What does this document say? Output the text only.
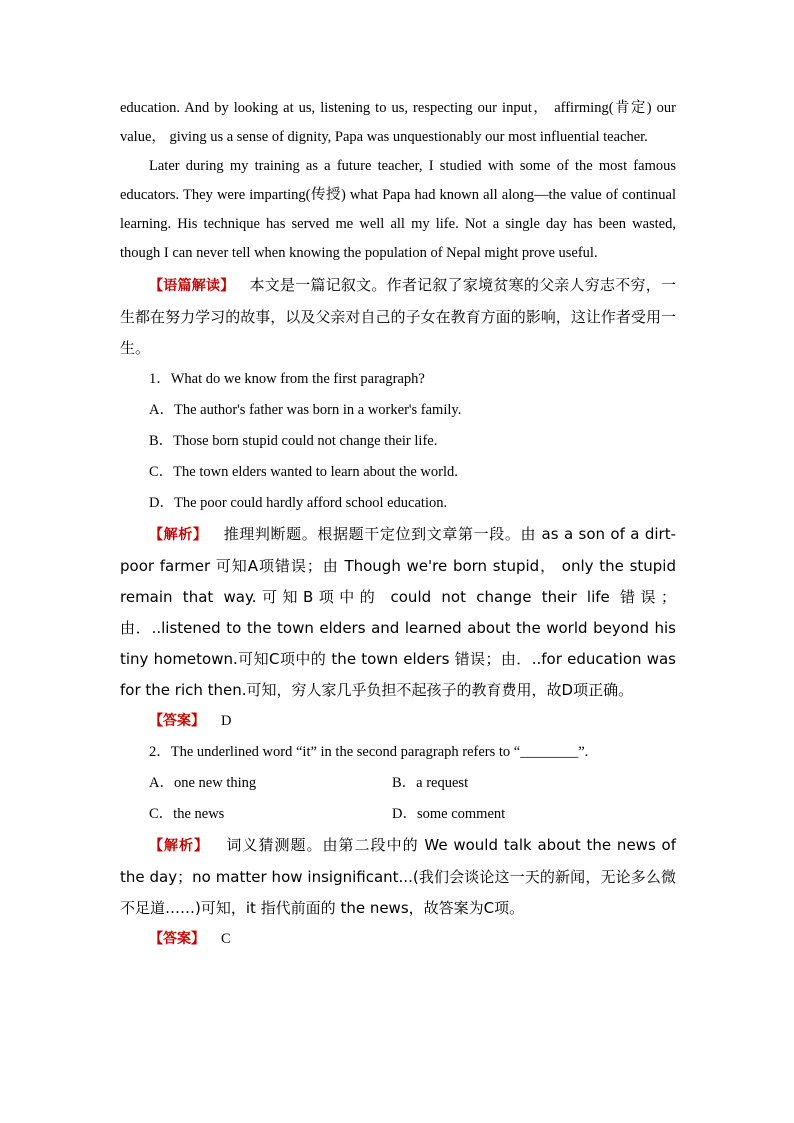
education. And by looking at us, listening to us, respecting our input， affirming(肯定) our value， giving us a sense of dignity, Papa was unquestionably our most influential teacher.

Later during my training as a future teacher, I studied with some of the most famous educators. They were imparting(传授) what Papa had known all along—the value of continual learning. His technique has served me well all my life. Not a single day has been wasted, though I can never tell when knowing the population of Nepal might prove useful.

【语篇解读】 本文是一篇记叙文。作者记叙了家境贫寒的父亲人穷志不穷，一生都在努力学习的故事，以及父亲对自己的子女在教育方面的影响，这让作者受用一生。

1．What do we know from the first paragraph?
A．The author's father was born in a worker's family.
B．Those born stupid could not change their life.
C．The town elders wanted to learn about the world.
D．The poor could hardly afford school education.

【解析】 推理判断题。根据题干定位到文章第一段。由 as a son of a dirt-poor farmer 可知A项错误；由 Though we're born stupid， only the stupid remain that way.可知B项中的 could not change their life 错误；由．..listened to the town elders and learned about the world beyond his tiny hometown.可知C项中的 the town elders 错误；由．..for education was for the rich then.可知，穷人家几乎负担不起孩子的教育费用，故D项正确。

【答案】 D
2．The underlined word “it” in the second paragraph refers to “________”.
A．one new thing	B．a request
C．the news	D．some comment

【解析】 词义猜测题。由第二段中的 We would talk about the news of the day；no matter how insignificant...(我们会谈论这一天的新闻，无论多么微不足道……)可知，it 指代前面的 the news，故答案为C项。

【答案】 C
